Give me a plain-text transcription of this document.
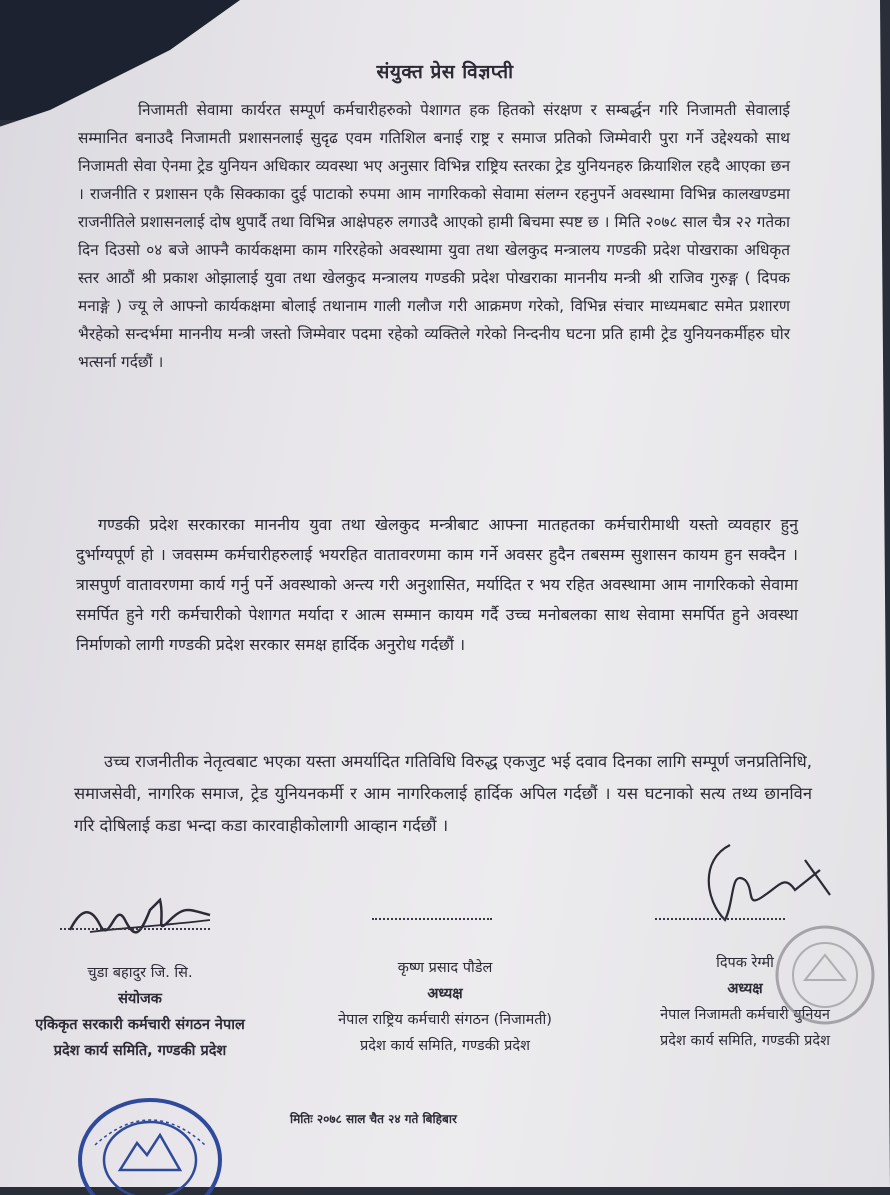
संयुक्त प्रेस विज्ञप्ती
निजामती सेवामा कार्यरत सम्पूर्ण कर्मचारीहरुको पेशागत हक हितको संरक्षण र सम्बर्द्धन गरि निजामती सेवालाई सम्मानित बनाउदै निजामती प्रशासनलाई सुदृढ एवम गतिशिल बनाई राष्ट्र र समाज प्रतिको जिम्मेवारी पुरा गर्ने उद्देश्यको साथ निजामती सेवा ऐनमा ट्रेड युनियन अधिकार व्यवस्था भए अनुसार विभिन्न राष्ट्रिय स्तरका ट्रेड युनियनहरु क्रियाशिल रहदै आएका छन । राजनीति र प्रशासन एकै सिक्काका दुई पाटाको रुपमा आम नागरिकको सेवामा संलग्न रहनुपर्ने अवस्थामा विभिन्न कालखण्डमा राजनीतिले प्रशासनलाई दोष थुपार्दै तथा विभिन्न आक्षेपहरु लगाउदै आएको हामी बिचमा स्पष्ट छ । मिति २०७८ साल चैत्र २२ गतेका दिन दिउसो ०४ बजे आफ्नै कार्यकक्षमा काम गरिरहेको अवस्थामा युवा तथा खेलकुद मन्त्रालय गण्डकी प्रदेश पोखराका अधिकृत स्तर आठौं श्री प्रकाश ओझालाई युवा तथा खेलकुद मन्त्रालय गण्डकी प्रदेश पोखराका माननीय मन्त्री श्री राजिव गुरुङ्ग ( दिपक मनाङ्गे ) ज्यू ले आफ्नो कार्यकक्षमा बोलाई तथानाम गाली गलौज गरी आक्रमण गरेको, विभिन्न संचार माध्यमबाट समेत प्रशारण भैरहेको सन्दर्भमा माननीय मन्त्री जस्तो जिम्मेवार पदमा रहेको व्यक्तिले गरेको निन्दनीय घटना प्रति हामी ट्रेड युनियनकर्मीहरु घोर भत्सर्ना गर्दछौं ।
गण्डकी प्रदेश सरकारका माननीय युवा तथा खेलकुद मन्त्रीबाट आफ्ना मातहतका कर्मचारीमाथी यस्तो व्यवहार हुनु दुर्भाग्यपूर्ण हो । जवसम्म कर्मचारीहरुलाई भयरहित वातावरणमा काम गर्ने अवसर हुदैन तबसम्म सुशासन कायम हुन सक्दैन । त्रासपुर्ण वातावरणमा कार्य गर्नु पर्ने अवस्थाको अन्त्य गरी अनुशासित, मर्यादित र भय रहित अवस्थामा आम नागरिकको सेवामा समर्पित हुने गरी कर्मचारीको पेशागत मर्यादा र आत्म सम्मान कायम गर्दै उच्च मनोबलका साथ सेवामा समर्पित हुने अवस्था निर्माणको लागी गण्डकी प्रदेश सरकार समक्ष हार्दिक अनुरोध गर्दछौं ।
उच्च राजनीतीक नेतृत्वबाट भएका यस्ता अमर्यादित गतिविधि विरुद्ध एकजुट भई दवाव दिनका लागि सम्पूर्ण जनप्रतिनिधि, समाजसेवी, नागरिक समाज, ट्रेड युनियनकर्मी र आम नागरिकलाई हार्दिक अपिल गर्दछौं । यस घटनाको सत्य तथ्य छानविन गरि दोषिलाई कडा भन्दा कडा कारवाहीकोलागी आव्हान गर्दछौं ।
चुडा बहादुर जि. सि.
संयोजक
एकिकृत सरकारी कर्मचारी संगठन नेपाल
प्रदेश कार्य समिति, गण्डकी प्रदेश
कृष्ण प्रसाद पौडेल
अध्यक्ष
नेपाल राष्ट्रिय कर्मचारी संगठन (निजामती)
प्रदेश कार्य समिति, गण्डकी प्रदेश
दिपक रेग्मी
अध्यक्ष
नेपाल निजामती कर्मचारी युनियन
प्रदेश कार्य समिति, गण्डकी प्रदेश
मितिः २०७८ साल चैत २४ गते बिहिबार
